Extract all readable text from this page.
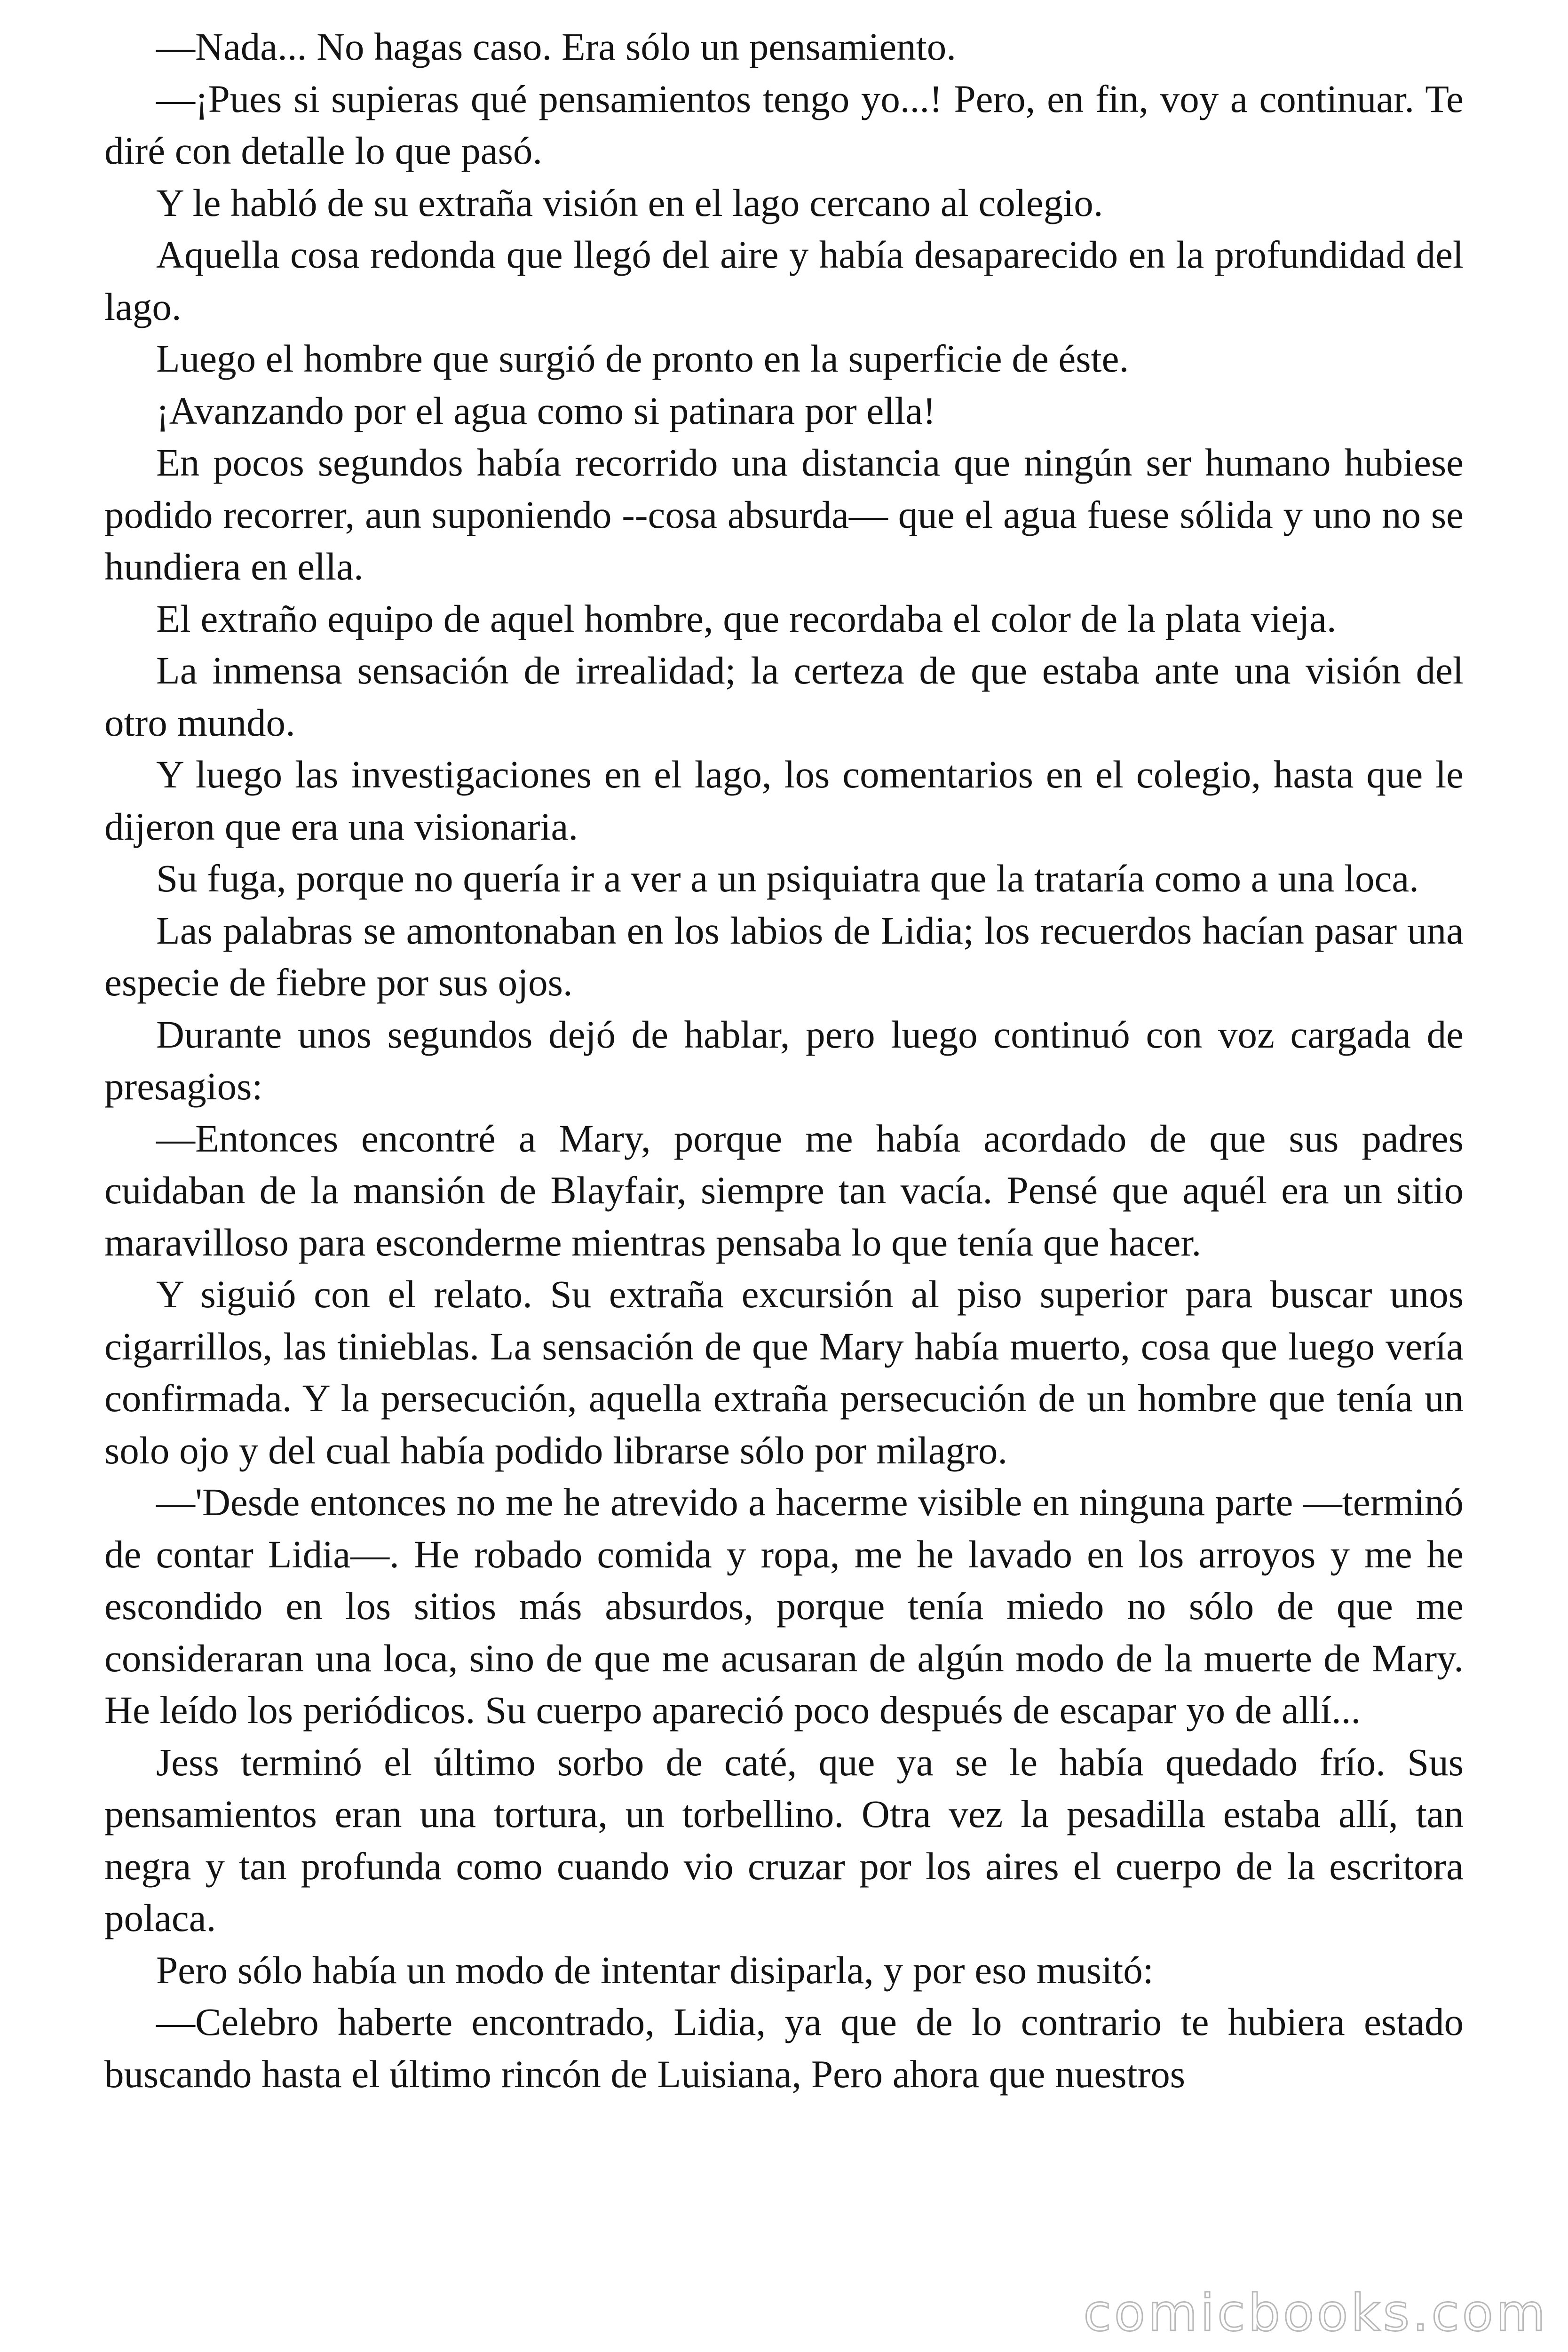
—Nada... No hagas caso. Era sólo un pensamiento.

—¡Pues si supieras qué pensamientos tengo yo...! Pero, en fin, voy a continuar. Te diré con detalle lo que pasó.

Y le habló de su extraña visión en el lago cercano al colegio.

Aquella cosa redonda que llegó del aire y había desaparecido en la profundidad del lago.

Luego el hombre que surgió de pronto en la superficie de éste.

¡Avanzando por el agua como si patinara por ella!

En pocos segundos había recorrido una distancia que ningún ser humano hubiese podido recorrer, aun suponiendo --cosa absurda— que el agua fuese sólida y uno no se hundiera en ella.

El extraño equipo de aquel hombre, que recordaba el color de la plata vieja.

La inmensa sensación de irrealidad; la certeza de que estaba ante una visión del otro mundo.

Y luego las investigaciones en el lago, los comentarios en el colegio, hasta que le dijeron que era una visionaria.

Su fuga, porque no quería ir a ver a un psiquiatra que la trataría como a una loca.

Las palabras se amontonaban en los labios de Lidia; los recuerdos hacían pasar una especie de fiebre por sus ojos.

Durante unos segundos dejó de hablar, pero luego continuó con voz cargada de presagios:

—Entonces encontré a Mary, porque me había acordado de que sus padres cuidaban de la mansión de Blayfair, siempre tan vacía. Pensé que aquél era un sitio maravilloso para esconderme mientras pensaba lo que tenía que hacer.

Y siguió con el relato. Su extraña excursión al piso superior para buscar unos cigarrillos, las tinieblas. La sensación de que Mary había muerto, cosa que luego vería confirmada. Y la persecución, aquella extraña persecución de un hombre que tenía un solo ojo y del cual había podido librarse sólo por milagro.

—'Desde entonces no me he atrevido a hacerme visible en ninguna parte —terminó de contar Lidia—. He robado comida y ropa, me he lavado en los arroyos y me he escondido en los sitios más absurdos, porque tenía miedo no sólo de que me consideraran una loca, sino de que me acusaran de algún modo de la muerte de Mary. He leído los periódicos. Su cuerpo apareció poco después de escapar yo de allí...

Jess terminó el último sorbo de caté, que ya se le había quedado frío. Sus pensamientos eran una tortura, un torbellino. Otra vez la pesadilla estaba allí, tan negra y tan profunda como cuando vio cruzar por los aires el cuerpo de la escritora polaca.

Pero sólo había un modo de intentar disiparla, y por eso musitó:

—Celebro haberte encontrado, Lidia, ya que de lo contrario te hubiera estado buscando hasta el último rincón de Luisiana, Pero ahora que nuestros

comicbooks.com
